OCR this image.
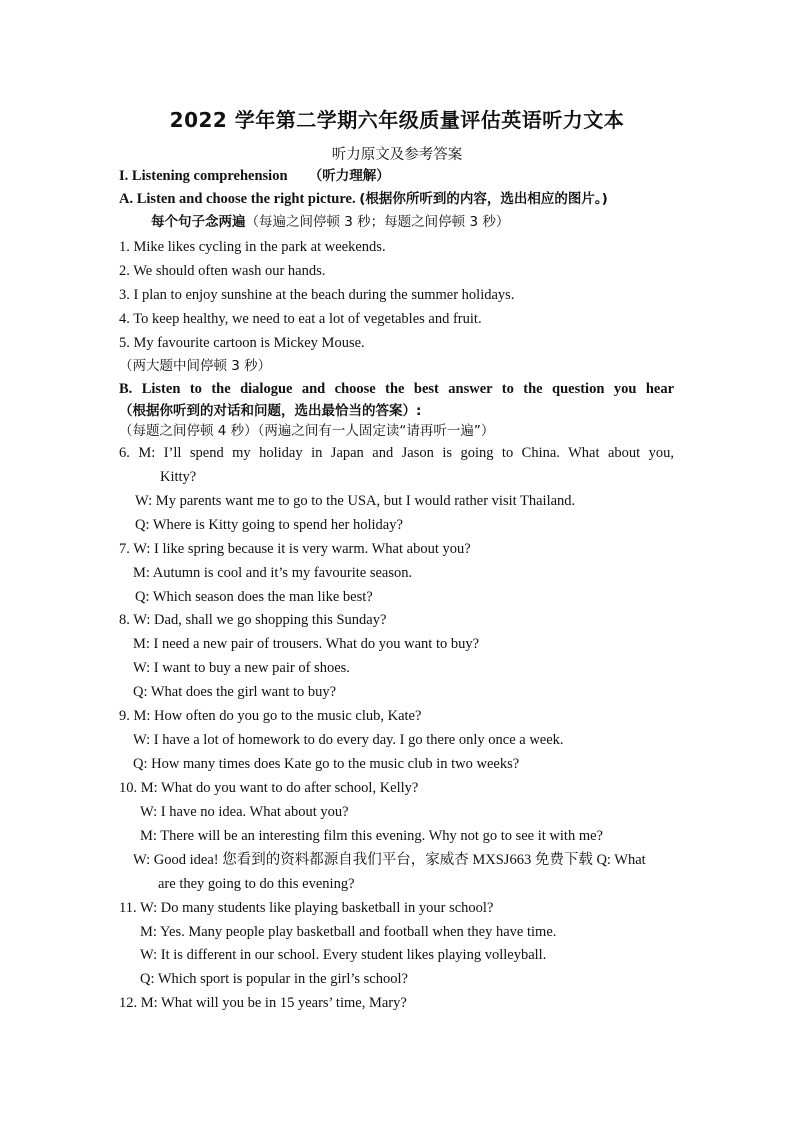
2022 学年第二学期六年级质量评估英语听力文本
听力原文及参考答案
I. Listening comprehension （听力理解）
A. Listen and choose the right picture. (根据你所听到的内容，选出相应的图片。)
每个句子念两遍（每遍之间停顿 3 秒；每题之间停顿 3 秒）
1. Mike likes cycling in the park at weekends.
2. We should often wash our hands.
3. I plan to enjoy sunshine at the beach during the summer holidays.
4. To keep healthy, we need to eat a lot of vegetables and fruit.
5. My favourite cartoon is Mickey Mouse.
（两大题中间停顿 3 秒）
B. Listen to the dialogue and choose the best answer to the question you hear
（根据你听到的对话和问题，选出最恰当的答案）:
（每题之间停顿 4 秒）（两遍之间有一人固定读“请再听一遍”）
6. M: I’ll spend my holiday in Japan and Jason is going to China. What about you,
Kitty?
W: My parents want me to go to the USA, but I would rather visit Thailand.
Q: Where is Kitty going to spend her holiday?
7. W: I like spring because it is very warm. What about you?
M: Autumn is cool and it’s my favourite season.
Q: Which season does the man like best?
8. W: Dad, shall we go shopping this Sunday?
M: I need a new pair of trousers. What do you want to buy?
W: I want to buy a new pair of shoes.
Q: What does the girl want to buy?
9. M: How often do you go to the music club, Kate?
W: I have a lot of homework to do every day. I go there only once a week.
Q: How many times does Kate go to the music club in two weeks?
10. M: What do you want to do after school, Kelly?
W: I have no idea. What about you?
M: There will be an interesting film this evening. Why not go to see it with me?
W: Good idea! 您看到的资料都源自我们平台，家威杏 MXSJ663 免费下载 Q: What
are they going to do this evening?
11. W: Do many students like playing basketball in your school?
M: Yes. Many people play basketball and football when they have time.
W: It is different in our school. Every student likes playing volleyball.
Q: Which sport is popular in the girl’s school?
12. M: What will you be in 15 years’ time, Mary?
